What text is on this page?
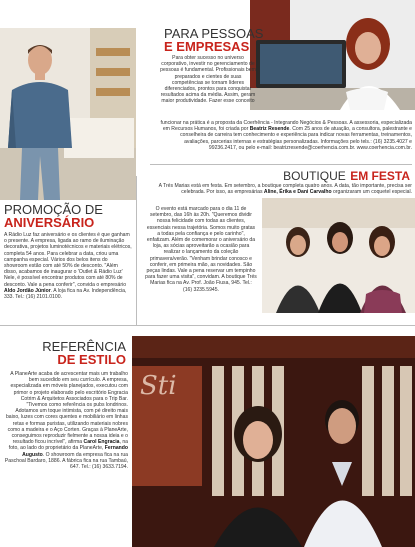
PARA PESSOAS
E EMPRESAS

Para obter sucesso no universo corporativo, investir no gerenciamento de pessoas é fundamental. Profissionais bem preparados e cientes de suas competências se tornam líderes diferenciados, prontos para conquistar resultados acima da média. Assim, geram maior produtividade. Fazer esse conceito

funcionar na prática é a proposta da Coerhência - Integrando Negócios & Pessoas. A assessoria, especializada em Recursos Humanos, foi criada por Beatriz Resende. Com 25 anos de atuação, a consultora, palestrante e conselheira de carreira tem conhecimento e experiência para indicar novas ferramentas, treinamentos, avaliações, parcerias internas e estratégias personalizadas. Informações pelo tels.: (16) 3235.4027 e 99236.2417, ou pelo e-mail: beatrizresende@coerhencia.com.br. www.coerhencia.com.br.

PROMOÇÃO DE
ANIVERSÁRIO

A Rádio Luz faz aniversário e os clientes é que ganham o presente. A empresa, ligada ao ramo de iluminação decorativa, projetos luminotécnicos e materiais elétricos, completa 54 anos. Para celebrar a data, criou uma campanha especial. Vários dos belos itens do showroom estão com até 50% de desconto. "Além disso, acabamos de inaugurar o 'Outlet & Rádio Luz' Nele, é possível encontrar produtos com até 80% de desconto. Vale a pena conferir", convida o empresário Aldo Jordão Júnior. A loja fica na Av. Independência, 333. Tel.: (16) 2101.0100.

BOUTIQUE EM FESTA

A Trés Marias está em festa. Em setembro, a boutique completa quatro anos. A data, tão importante, precisa ser celebrada. Por isso, as empresárias Aline, Érika e Dani Carvalho organizaram um coquetel especial.

O evento está marcado para o dia 11 de setembro, das 16h às 20h. "Queremos dividir nossa felicidade com todas as clientes, essenciais nessa trajetória. Somos muito gratas a todas pela confiança e pelo carinho", enfatizam. Além de comemorar o aniversário da loja, as sócias aproveitarão a ocasião para realizar o lançamento da coleção primavera/verão. "Venham brindar conosco e conferir, em primeira mão, as novidades. São peças lindas. Vale a pena reservar um tempinho para fazer uma visita", convidam. A boutique Trés Marias fica na Av. Prof. João Fiusa, 945. Tel.: (16) 3235.5945.

Sti
REFERÊNCIA
DE ESTILO

A PlaneArte acaba de acrescentar mais um trabalho bem sucedido em seu currículo. A empresa, especializada em móveis planejados, executou com primor o projeto elaborado pelo escritório Engracia Cotrim & Arquitetos Associados para o Trip Bar. "Tivemos como referência os pubs londrinos. Adotamos um toque intimista, com pé direito mais baixo, luzes com cores quentes e mobiliário em linhas retas e formas puristas, utilizando materiais nobres como a madeira e o Aço Corten. Graças à PlaneArte, conseguimos reproduzir fielmente a nossa ideia e o resultado ficou incrível", afirma Carol Engracia, na foto, ao lado do proprietário da PlaneArte, Fernando Augusto. O showroom da empresa fica na rua Paschoal Bardaro, 1886. A fábrica fica na rua Tambaú, 647. Tel.: (16) 3633.7194.
